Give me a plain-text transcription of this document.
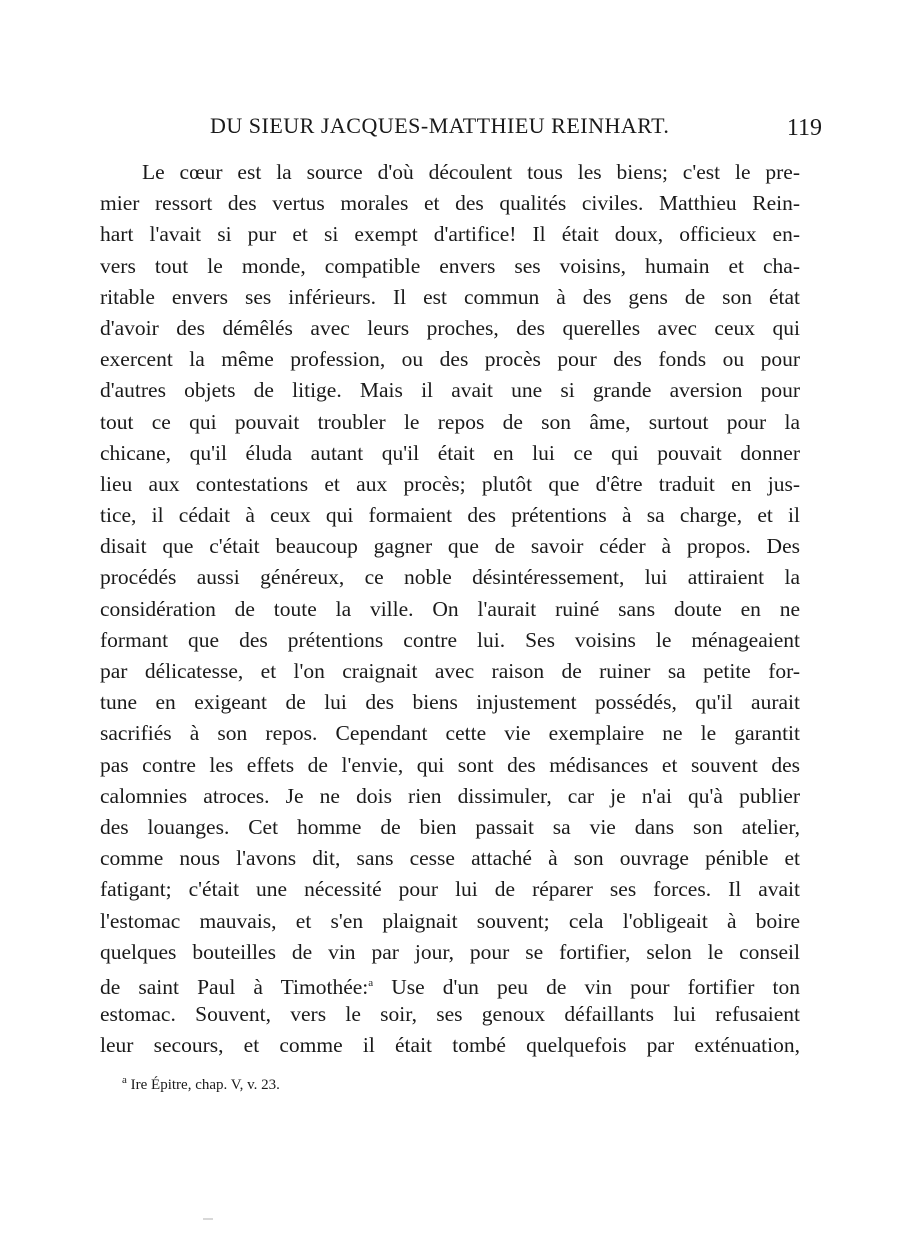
DU SIEUR JACQUES-MATTHIEU REINHART.	119
Le cœur est la source d'où découlent tous les biens; c'est le pre-
mier ressort des vertus morales et des qualités civiles. Matthieu Rein-
hart l'avait si pur et si exempt d'artifice! Il était doux, officieux en-
vers tout le monde, compatible envers ses voisins, humain et cha-
ritable envers ses inférieurs. Il est commun à des gens de son état
d'avoir des démêlés avec leurs proches, des querelles avec ceux qui
exercent la même profession, ou des procès pour des fonds ou pour
d'autres objets de litige. Mais il avait une si grande aversion pour
tout ce qui pouvait troubler le repos de son âme, surtout pour la
chicane, qu'il éluda autant qu'il était en lui ce qui pouvait donner
lieu aux contestations et aux procès; plutôt que d'être traduit en jus-
tice, il cédait à ceux qui formaient des prétentions à sa charge, et il
disait que c'était beaucoup gagner que de savoir céder à propos. Des
procédés aussi généreux, ce noble désintéressement, lui attiraient la
considération de toute la ville. On l'aurait ruiné sans doute en ne
formant que des prétentions contre lui. Ses voisins le ménageaient
par délicatesse, et l'on craignait avec raison de ruiner sa petite for-
tune en exigeant de lui des biens injustement possédés, qu'il aurait
sacrifiés à son repos. Cependant cette vie exemplaire ne le garantit
pas contre les effets de l'envie, qui sont des médisances et souvent des
calomnies atroces. Je ne dois rien dissimuler, car je n'ai qu'à publier
des louanges. Cet homme de bien passait sa vie dans son atelier,
comme nous l'avons dit, sans cesse attaché à son ouvrage pénible et
fatigant; c'était une nécessité pour lui de réparer ses forces. Il avait
l'estomac mauvais, et s'en plaignait souvent; cela l'obligeait à boire
quelques bouteilles de vin par jour, pour se fortifier, selon le conseil
de saint Paul à Timothée:$^a$ Use d'un peu de vin pour fortifier ton
estomac. Souvent, vers le soir, ses genoux défaillants lui refusaient
leur secours, et comme il était tombé quelquefois par exténuation,
$^a$ Ire Épitre, chap. V, v. 23.
